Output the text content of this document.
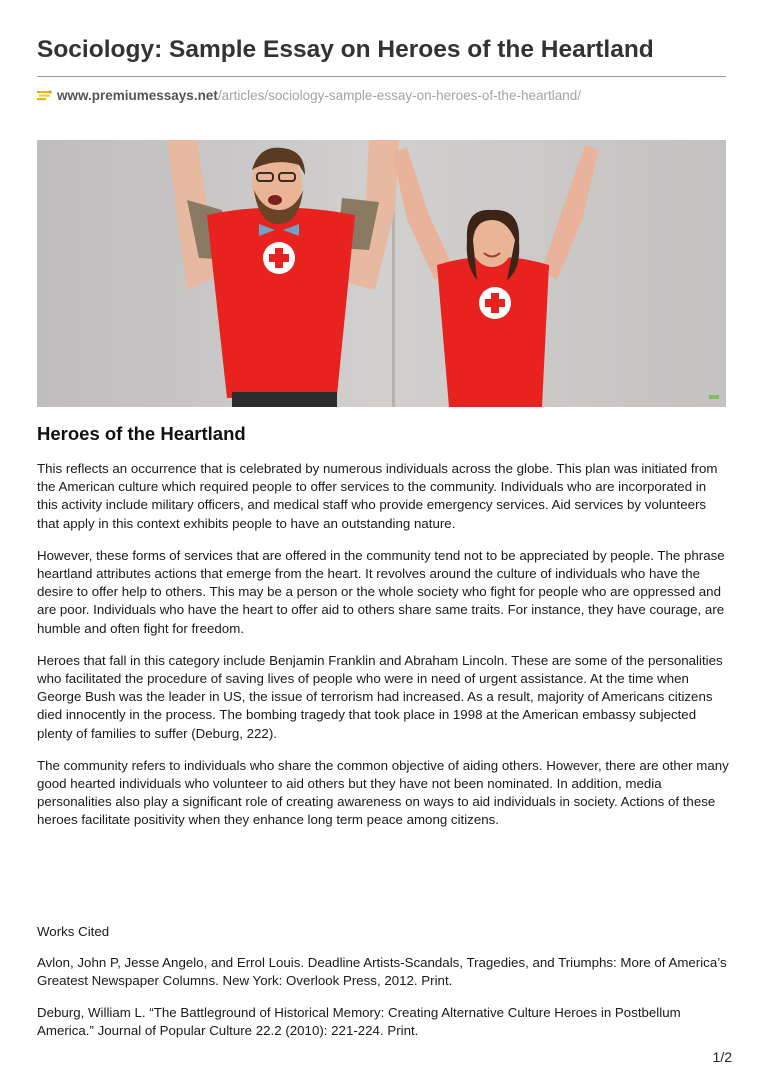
Sociology: Sample Essay on Heroes of the Heartland
www.premiumessays.net /articles/sociology-sample-essay-on-heroes-of-the-heartland/
Heroes of the Heartland

This reflects an occurrence that is celebrated by numerous individuals across the globe. This plan was initiated from the American culture which required people to offer services to the community. Individuals who are incorporated in this activity include military officers, and medical staff who provide emergency services. Aid services by volunteers that apply in this context exhibits people to have an outstanding nature.

However, these forms of services that are offered in the community tend not to be appreciated by people. The phrase heartland attributes actions that emerge from the heart. It revolves around the culture of individuals who have the desire to offer help to others. This may be a person or the whole society who fight for people who are oppressed and are poor. Individuals who have the heart to offer aid to others share same traits. For instance, they have courage, are humble and often fight for freedom.

Heroes that fall in this category include Benjamin Franklin and Abraham Lincoln. These are some of the personalities who facilitated the procedure of saving lives of people who were in need of urgent assistance. At the time when George Bush was the leader in US, the issue of terrorism had increased. As a result, majority of Americans citizens died innocently in the process. The bombing tragedy that took place in 1998 at the American embassy subjected plenty of families to suffer (Deburg, 222).

The community refers to individuals who share the common objective of aiding others. However, there are other many good hearted individuals who volunteer to aid others but they have not been nominated. In addition, media personalities also play a significant role of creating awareness on ways to aid individuals in society. Actions of these heroes facilitate positivity when they enhance long term peace among citizens.

Works Cited

Avlon, John P, Jesse Angelo, and Errol Louis. Deadline Artists-Scandals, Tragedies, and Triumphs: More of America’s Greatest Newspaper Columns. New York: Overlook Press, 2012. Print.

Deburg, William L. “The Battleground of Historical Memory: Creating Alternative Culture Heroes in Postbellum America.” Journal of Popular Culture 22.2 (2010): 221-224. Print.

1/2
